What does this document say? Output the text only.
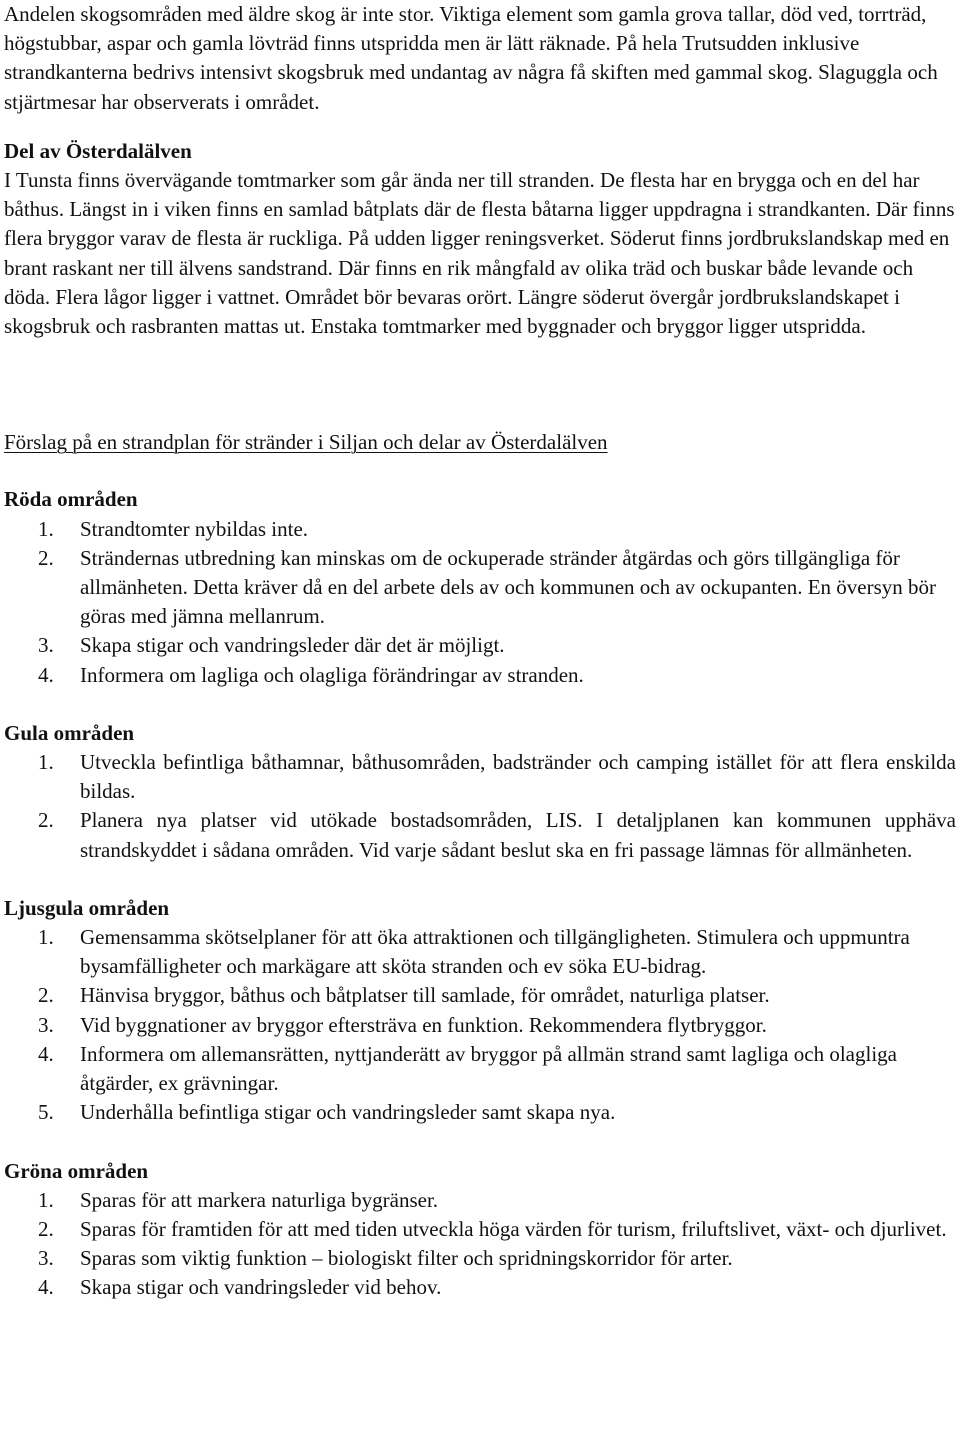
Andelen skogsområden med äldre skog är inte stor. Viktiga element som gamla grova tallar, död ved, torrträd, högstubbar, aspar och gamla lövträd finns utspridda men är lätt räknade. På hela Trutsudden inklusive strandkanterna bedrivs intensivt skogsbruk med undantag av några få skiften med gammal skog. Slaguggla och stjärtmesar har observerats i området.

Del av Österdalälven

I Tunsta finns övervägande tomtmarker som går ända ner till stranden. De flesta har en brygga och en del har båthus. Längst in i viken finns en samlad båtplats där de flesta båtarna ligger uppdragna i strandkanten. Där finns flera bryggor varav de flesta är ruckliga. På udden ligger reningsverket. Söderut finns jordbrukslandskap med en brant raskant ner till älvens sandstrand. Där finns en rik mångfald av olika träd och buskar både levande och döda. Flera lågor ligger i vattnet. Området bör bevaras orört. Längre söderut övergår jordbrukslandskapet i skogsbruk och rasbranten mattas ut. Enstaka tomtmarker med byggnader och bryggor ligger utspridda.

Förslag på en strandplan för stränder i Siljan och delar av Österdalälven

Röda områden

1. Strandtomter nybildas inte.
2. Strändernas utbredning kan minskas om de ockuperade stränder åtgärdas och görs tillgängliga för allmänheten. Detta kräver då en del arbete dels av och kommunen och av ockupanten. En översyn bör göras med jämna mellanrum.
3. Skapa stigar och vandringsleder där det är möjligt.
4. Informera om lagliga och olagliga förändringar av stranden.

Gula områden

1. Utveckla befintliga båthamnar, båthusområden, badstränder och camping istället för att flera enskilda bildas.
2. Planera nya platser vid utökade bostadsområden, LIS. I detaljplanen kan kommunen upphäva strandskyddet i sådana områden. Vid varje sådant beslut ska en fri passage lämnas för allmänheten.

Ljusgula områden

1. Gemensamma skötselplaner för att öka attraktionen och tillgängligheten. Stimulera och uppmuntra bysamfälligheter och markägare att sköta stranden och ev söka EU-bidrag.
2. Hänvisa bryggor, båthus och båtplatser till samlade, för området, naturliga platser.
3. Vid byggnationer av bryggor eftersträva en funktion. Rekommendera flytbryggor.
4. Informera om allemansrätten, nyttjanderätt av bryggor på allmän strand samt lagliga och olagliga åtgärder, ex grävningar.
5. Underhålla befintliga stigar och vandringsleder samt skapa nya.

Gröna områden

1. Sparas för att markera naturliga bygränser.
2. Sparas för framtiden för att med tiden utveckla höga värden för turism, friluftslivet, växt- och djurlivet.
3. Sparas som viktig funktion – biologiskt filter och spridningskorridor för arter.
4. Skapa stigar och vandringsleder vid behov.
